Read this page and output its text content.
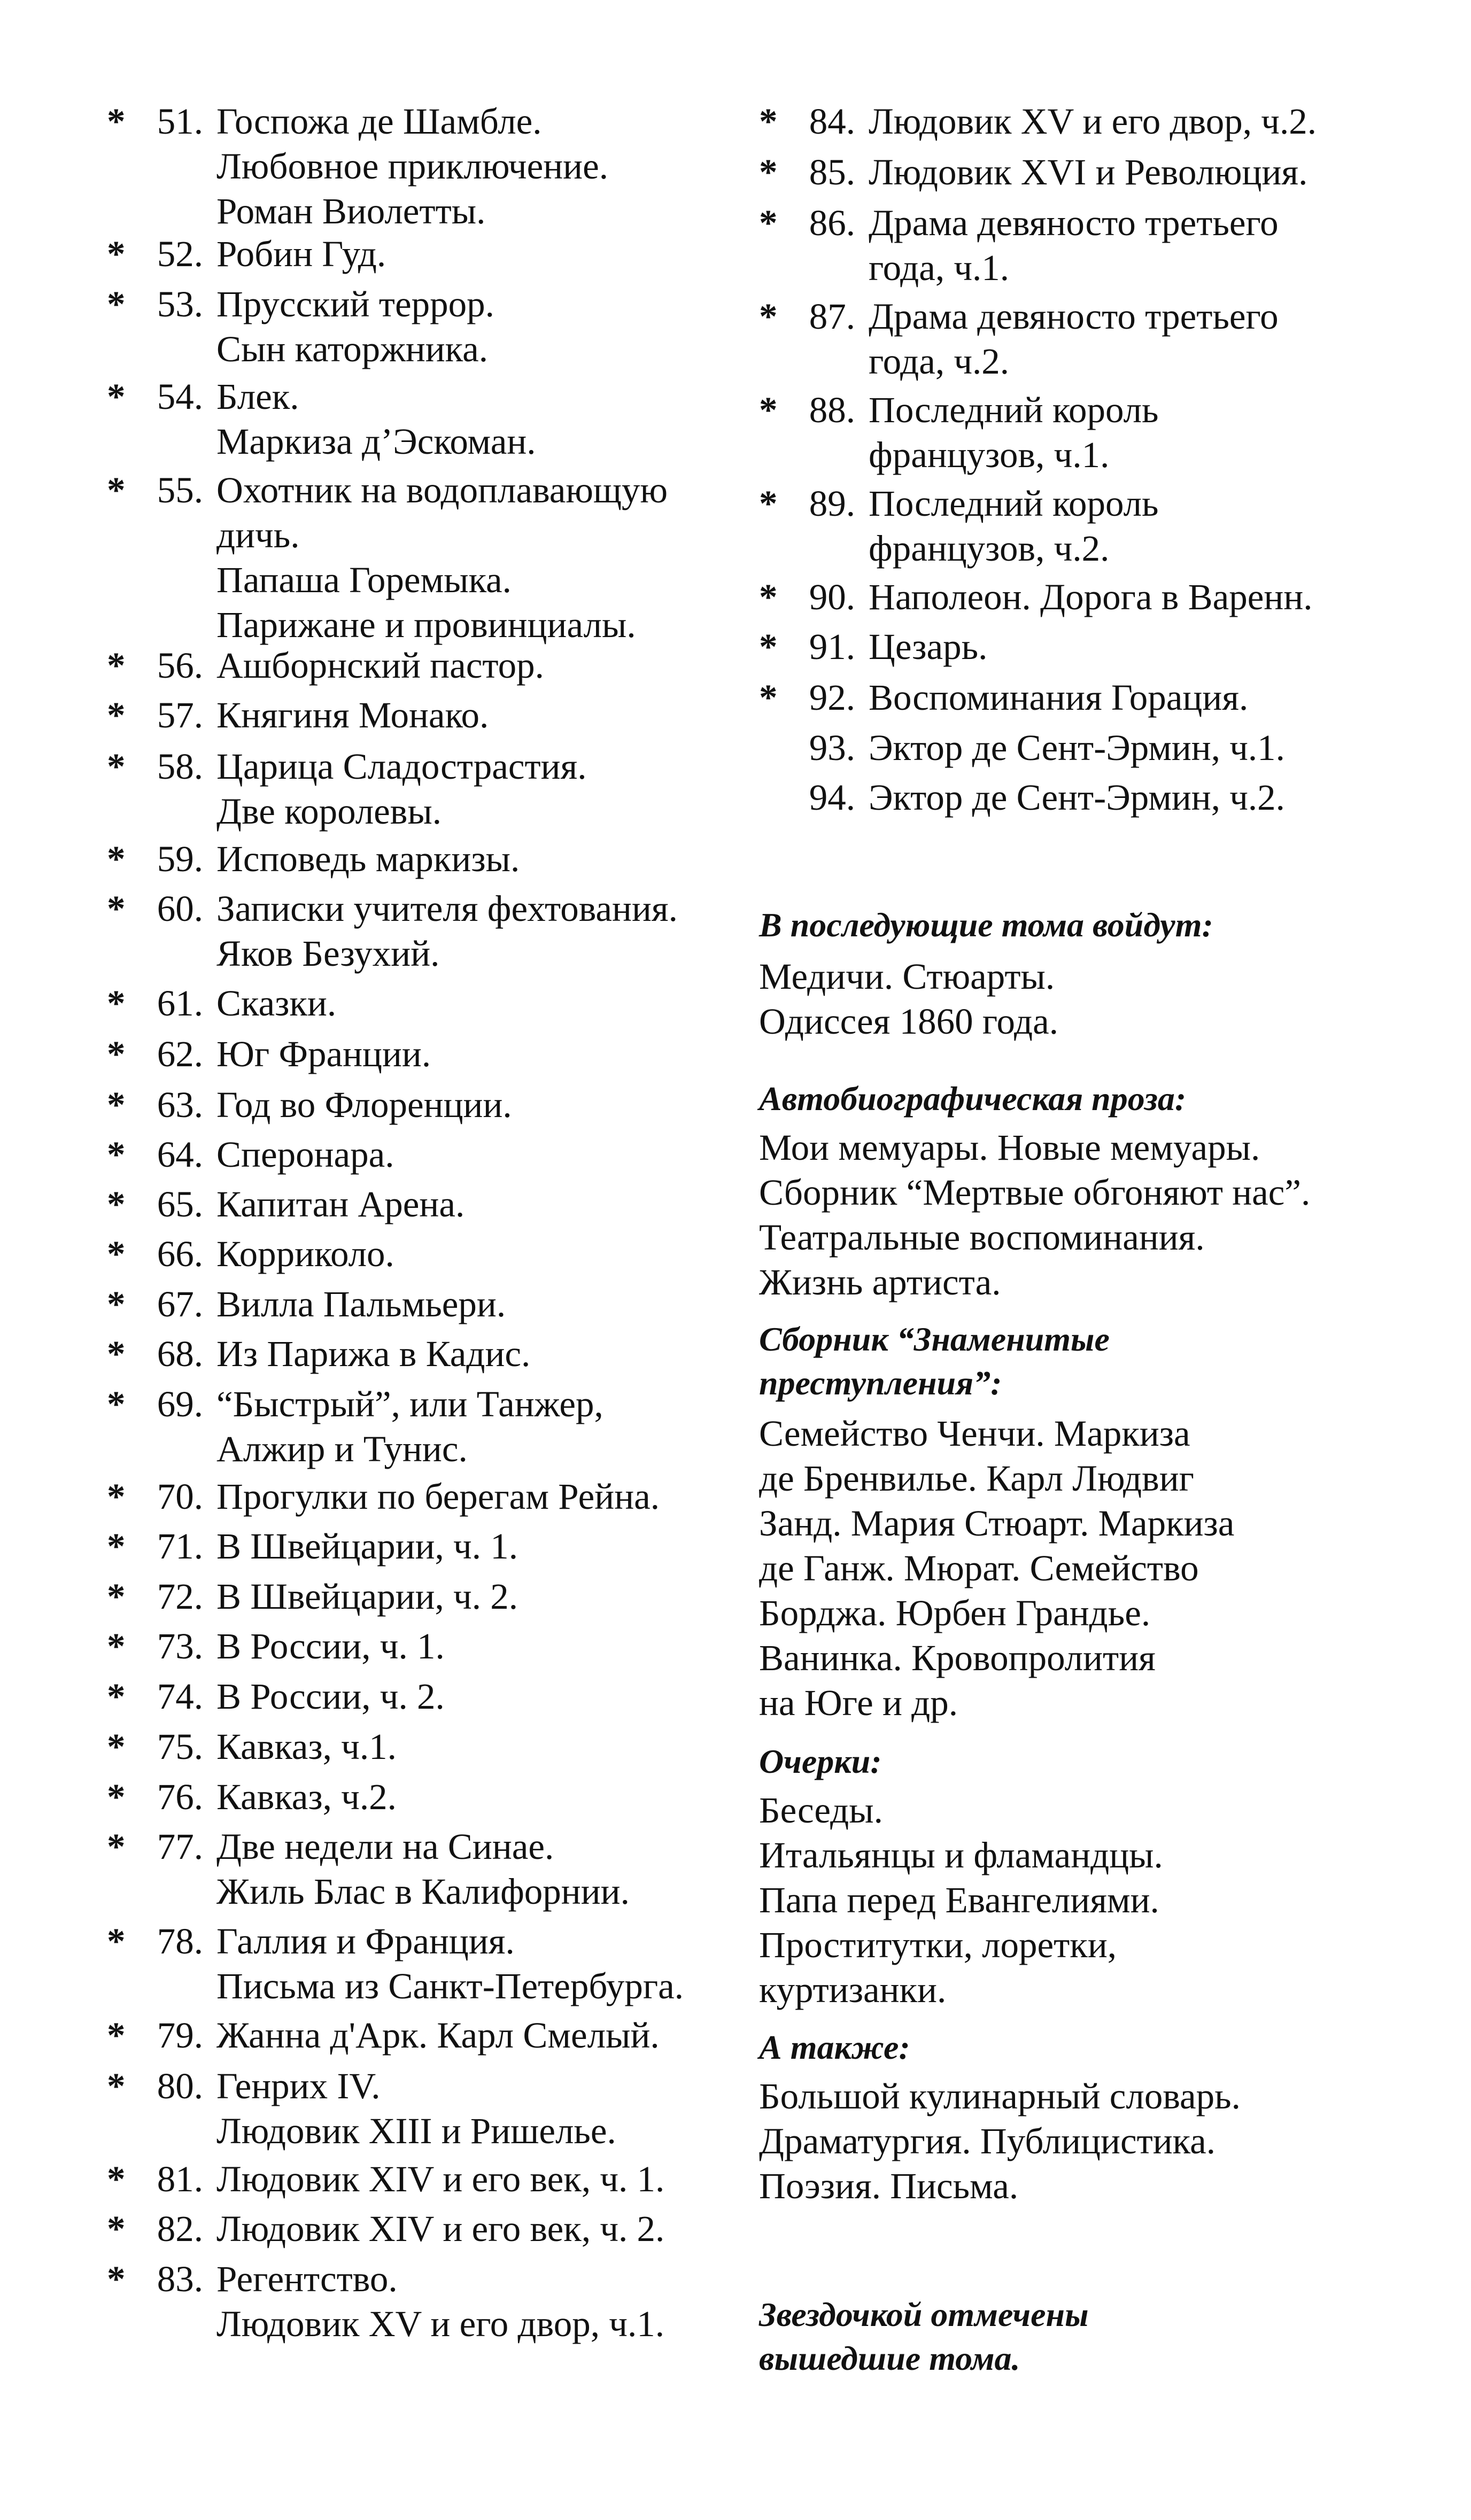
* 51. Госпожа де Шамбле.
Любовное приключение.
Роман Виолетты.
* 52. Робин Гуд.
* 53. Прусский террор.
Сын каторжника.
* 54. Блек.
Маркиза д’Эскоман.
* 55. Охотник на водоплавающую
дичь.
Папаша Горемыка.
Парижане и провинциалы.
* 56. Ашборнский пастор.
* 57. Княгиня Монако.
* 58. Царица Сладострастия.
Две королевы.
* 59. Исповедь маркизы.
* 60. Записки учителя фехтования.
Яков Безухий.
* 61. Сказки.
* 62. Юг Франции.
* 63. Год во Флоренции.
* 64. Сперонара.
* 65. Капитан Арена.
* 66. Корриколо.
* 67. Вилла Пальмьери.
* 68. Из Парижа в Кадис.
* 69. “Быстрый”, или Танжер,
Алжир и Тунис.
* 70. Прогулки по берегам Рейна.
* 71. В Швейцарии, ч. 1.
* 72. В Швейцарии, ч. 2.
* 73. В России, ч. 1.
* 74. В России, ч. 2.
* 75. Кавказ, ч.1.
* 76. Кавказ, ч.2.
* 77. Две недели на Синае.
Жиль Блас в Калифорнии.
* 78. Галлия и Франция.
Письма из Санкт-Петербурга.
* 79. Жанна д'Арк. Карл Смелый.
* 80. Генрих IV.
Людовик XIII и Ришелье.
* 81. Людовик XIV и его век, ч. 1.
* 82. Людовик XIV и его век, ч. 2.
* 83. Регентство.
Людовик XV и его двор, ч.1.
* 84. Людовик XV и его двор, ч.2.
* 85. Людовик XVI и Революция.
* 86. Драма девяносто третьего
года, ч.1.
* 87. Драма девяносто третьего
года, ч.2.
* 88. Последний король
французов, ч.1.
* 89. Последний король
французов, ч.2.
* 90. Наполеон. Дорога в Варенн.
* 91. Цезарь.
* 92. Воспоминания Горация.
93. Эктор де Сент-Эрмин, ч.1.
94. Эктор де Сент-Эрмин, ч.2.
В последующие тома войдут:
Медичи. Стюарты.
Одиссея 1860 года.
Автобиографическая проза:
Мои мемуары. Новые мемуары.
Сборник “Мертвые обгоняют нас”.
Театральные воспоминания.
Жизнь артиста.
Сборник “Знаменитые
преступления”:
Семейство Ченчи. Маркиза
де Бренвилье. Карл Людвиг
Занд. Мария Стюарт. Маркиза
де Ганж. Мюрат. Семейство
Борджа. Юрбен Грандье.
Ванинка. Кровопролития
на Юге и др.
Очерки:
Беседы.
Итальянцы и фламандцы.
Папа перед Евангелиями.
Проститутки, лоретки,
куртизанки.
А также:
Большой кулинарный словарь.
Драматургия. Публицистика.
Поэзия. Письма.
Звездочкой отмечены
вышедшие тома.
